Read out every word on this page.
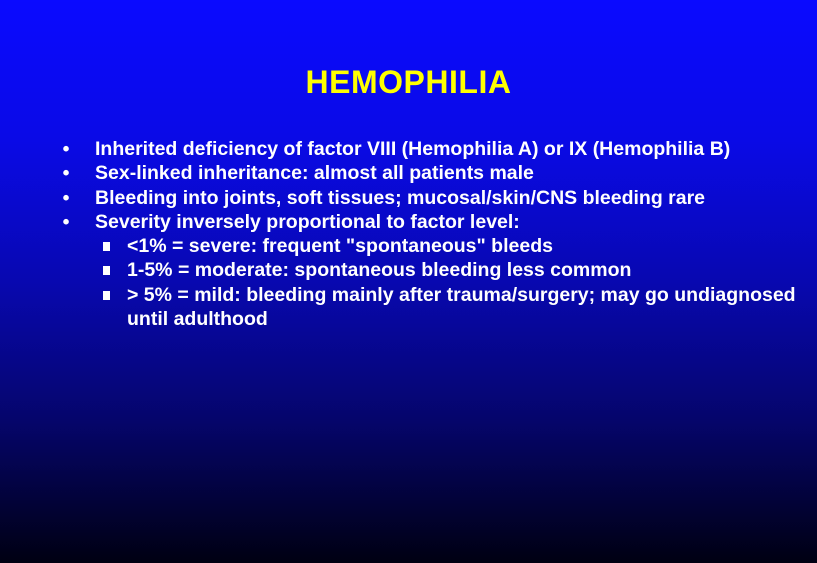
HEMOPHILIA
•	Inherited deficiency of factor VIII (Hemophilia A) or IX (Hemophilia B)
•	Sex-linked inheritance: almost all patients male
•	Bleeding into joints, soft tissues; mucosal/skin/CNS bleeding rare
•	Severity inversely proportional to factor level:
<1% = severe: frequent "spontaneous" bleeds
1-5% = moderate: spontaneous bleeding less common
> 5% = mild: bleeding mainly after trauma/surgery; may go undiagnosed until adulthood
